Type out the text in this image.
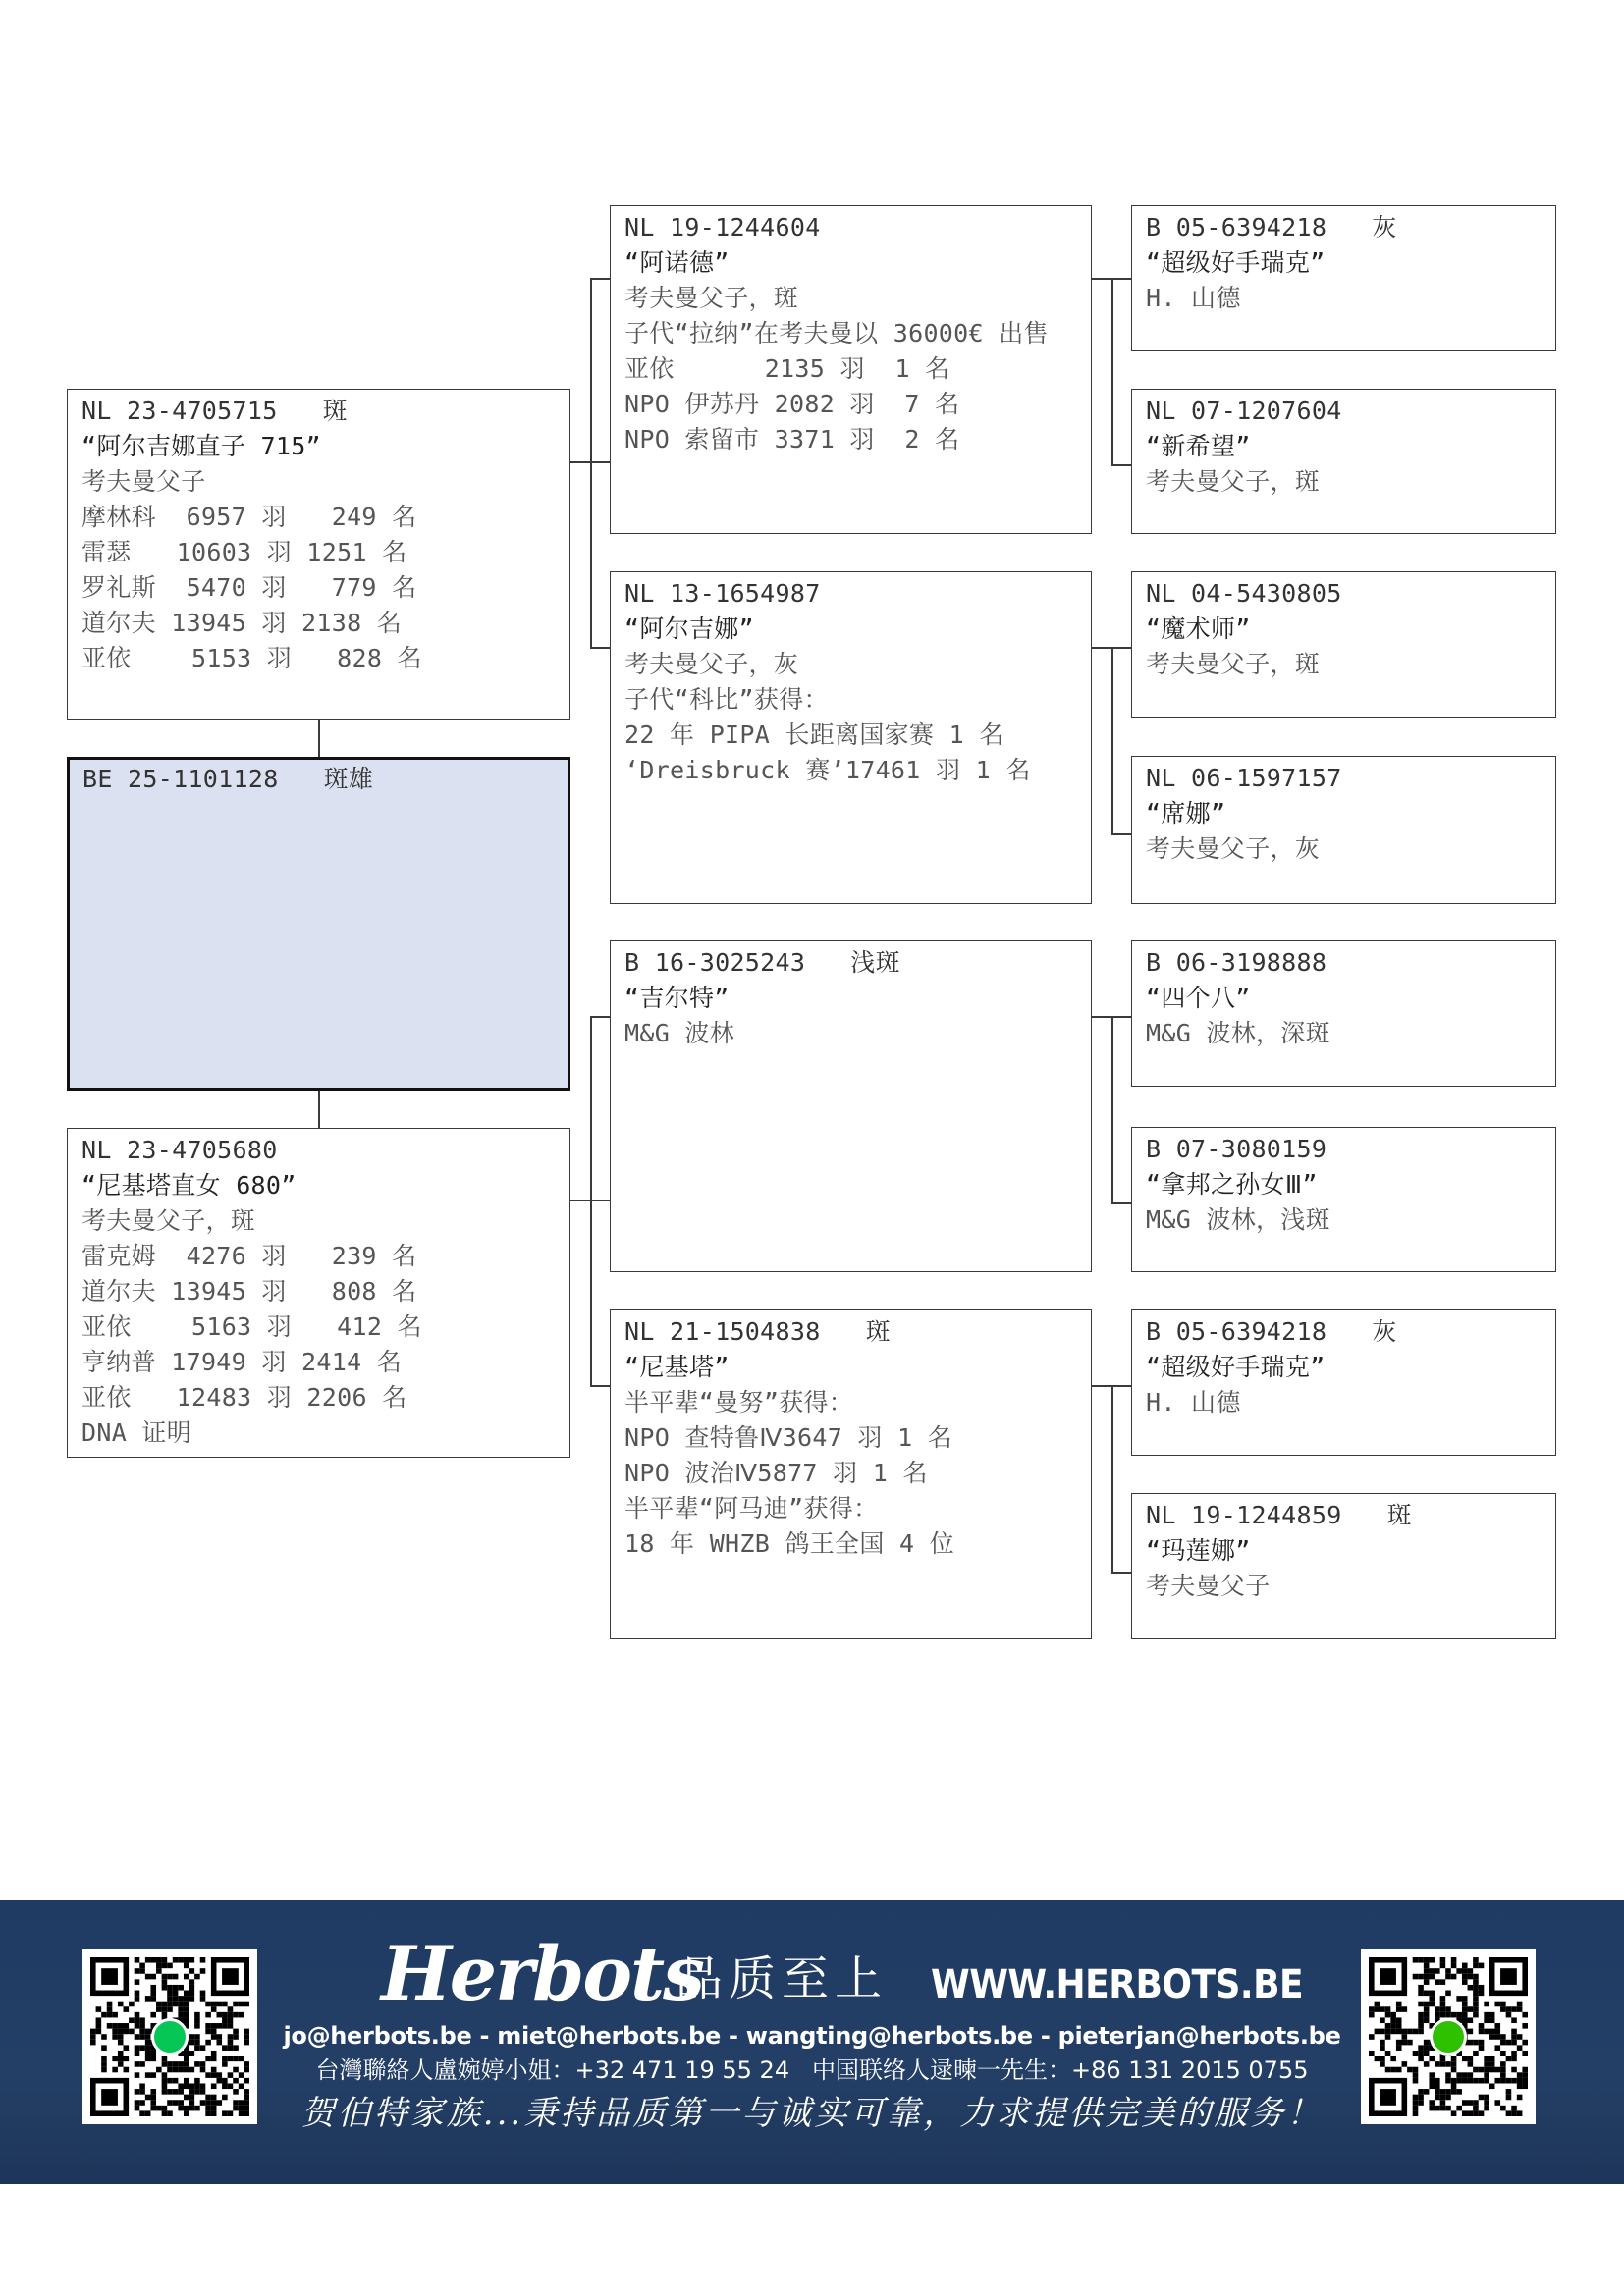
NL 23-4705715   斑
“阿尔吉娜直子 715”
考夫曼父子
摩林科  6957 羽   249 名
雷瑟   10603 羽 1251 名
罗礼斯  5470 羽   779 名
道尔夫 13945 羽 2138 名
亚依    5153 羽   828 名
BE 25-1101128   斑雄
NL 23-4705680
“尼基塔直女 680”
考夫曼父子，斑
雷克姆  4276 羽   239 名
道尔夫 13945 羽   808 名
亚依    5163 羽   412 名
亨纳普 17949 羽 2414 名
亚依   12483 羽 2206 名
DNA 证明
NL 19-1244604
“阿诺德”
考夫曼父子，斑
子代“拉纳”在考夫曼以 36000€ 出售
亚依      2135 羽  1 名
NPO 伊苏丹 2082 羽  7 名
NPO 索留市 3371 羽  2 名
NL 13-1654987
“阿尔吉娜”
考夫曼父子，灰
子代“科比”获得：
22 年 PIPA 长距离国家赛 1 名
‘Dreisbruck 赛’17461 羽 1 名
B 16-3025243   浅斑
“吉尔特”
M&G 波林
NL 21-1504838   斑
“尼基塔”
半平辈“曼努”获得：
NPO 查特鲁Ⅳ3647 羽 1 名
NPO 波治Ⅳ5877 羽 1 名
半平辈“阿马迪”获得：
18 年 WHZB 鸽王全国 4 位
B 05-6394218   灰
“超级好手瑞克”
H. 山德
NL 07-1207604
“新希望”
考夫曼父子，斑
NL 04-5430805
“魔术师”
考夫曼父子，斑
NL 06-1597157
“席娜”
考夫曼父子，灰
B 06-3198888
“四个八”
M&G 波林，深斑
B 07-3080159
“拿邦之孙女Ⅲ”
M&G 波林，浅斑
B 05-6394218   灰
“超级好手瑞克”
H. 山德
NL 19-1244859   斑
“玛莲娜”
考夫曼父子
Herbots
品质至上 WWW.HERBOTS.BE
jo@herbots.be - miet@herbots.be - wangting@herbots.be - pieterjan@herbots.be
台灣聯絡人盧婉婷小姐：+32 471 19 55 24 中国联络人逯暕一先生：+86 131 2015 0755
贺伯特家族...秉持品质第一与诚实可靠，力求提供完美的服务！
